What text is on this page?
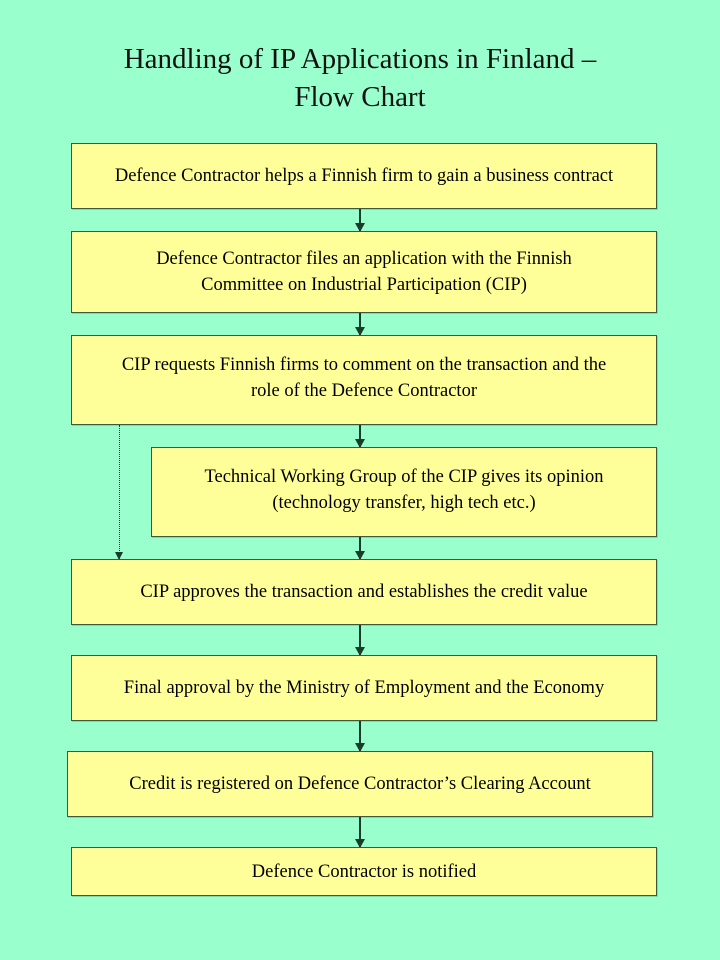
Handling of IP Applications in Finland –
Flow Chart
Defence Contractor helps a Finnish firm to gain a business contract
Defence Contractor files an application with the Finnish
Committee on Industrial Participation (CIP)
CIP requests Finnish firms to comment on the transaction and the
role of the Defence Contractor
Technical Working Group of the CIP gives its opinion
(technology transfer, high tech etc.)
CIP approves the transaction and establishes the credit value
Final approval by the Ministry of Employment and the Economy
Credit is registered on Defence Contractor’s Clearing Account
Defence Contractor is notified
